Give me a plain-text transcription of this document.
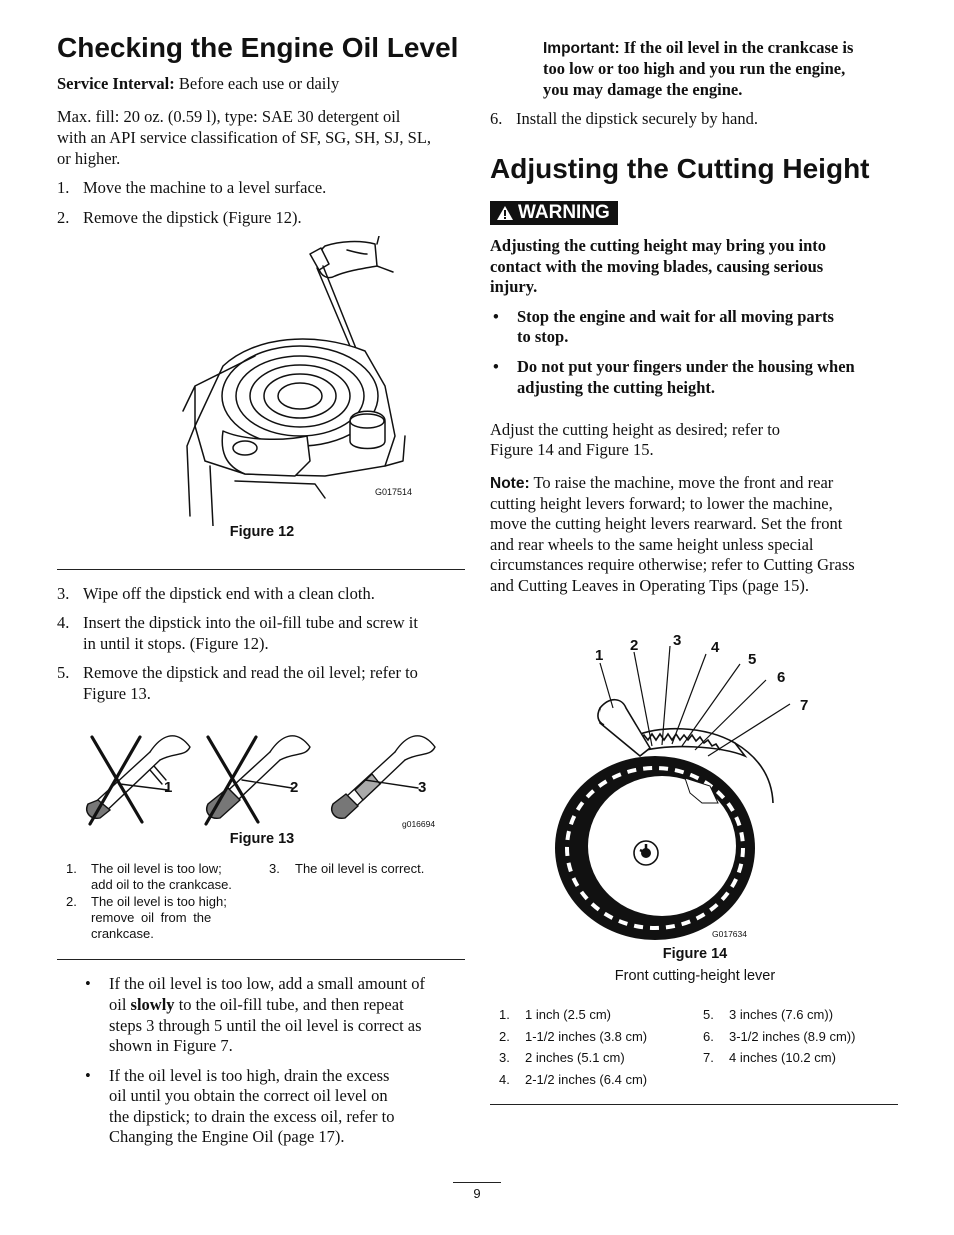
Checking the Engine Oil Level

Service Interval: Before each use or daily

Max. fill: 20 oz. (0.59 l), type: SAE 30 detergent oil

with an API service classification of SF, SG, SH, SJ, SL,

or higher.

1. Move the machine to a level surface.

2. Remove the dipstick (Figure 12).

G017514
Figure 12

3. Wipe off the dipstick end with a clean cloth.

4. Insert the dipstick into the oil-fill tube and screw it

in until it stops. (Figure 12).

5. Remove the dipstick and read the oil level; refer to

Figure 13.

1	2	3
g016694
Figure 13
1. The oil level is too low;
add oil to the crankcase.
2. The oil level is too high;
remove oil from the
crankcase.
3. The oil level is correct.

• If the oil level is too low, add a small amount of

oil slowly to the oil-fill tube, and then repeat

steps 3 through 5 until the oil level is correct as

shown in Figure 7.

• If the oil level is too high, drain the excess

oil until you obtain the correct oil level on

the dipstick; to drain the excess oil, refer to

Changing the Engine Oil (page 17).

Important: If the oil level in the crankcase is

too low or too high and you run the engine,

you may damage the engine.

6. Install the dipstick securely by hand.

Adjusting the Cutting Height
WARNING

Adjusting the cutting height may bring you into

contact with the moving blades, causing serious

injury.

• Stop the engine and wait for all moving parts

to stop.

• Do not put your fingers under the housing when

adjusting the cutting height.

Adjust the cutting height as desired; refer to

Figure 14 and Figure 15.

Note: To raise the machine, move the front and rear

cutting height levers forward; to lower the machine,

move the cutting height levers rearward. Set the front

and rear wheels to the same height unless special

circumstances require otherwise; refer to Cutting Grass

and Cutting Leaves in Operating Tips (page 15).

1
2 3 4
5
6
7
G017634
Figure 14
Front cutting-height lever
1.
2.
3.
4.
1 inch (2.5 cm)
1-1/2 inches (3.8 cm)
2 inches (5.1 cm)
2-1/2 inches (6.4 cm)
5.
6.
7.
3 inches (7.6 cm))
3-1/2 inches (8.9 cm))
4 inches (10.2 cm)
9
